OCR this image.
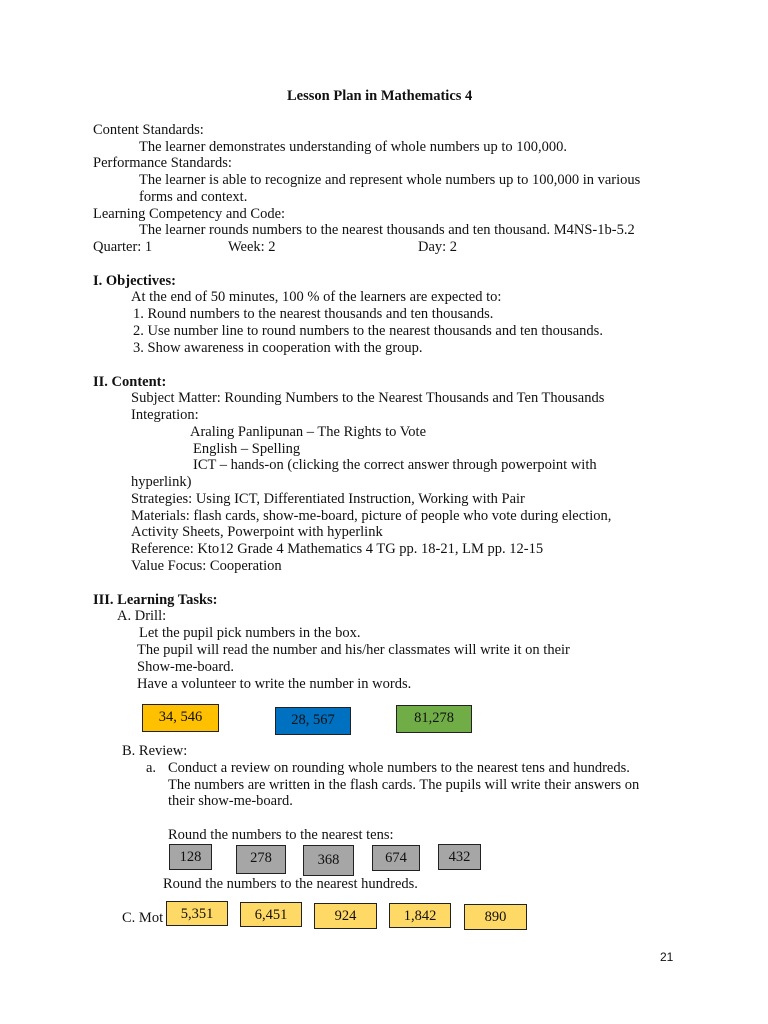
Lesson Plan in Mathematics 4
Content Standards:
The learner demonstrates understanding of whole numbers up to 100,000.
Performance Standards:
The learner is able to recognize and represent whole numbers up to 100,000 in various
forms and context.
Learning Competency and Code:
The learner rounds numbers to the nearest thousands and ten thousand. M4NS-1b-5.2
Quarter: 1	Week: 2	Day: 2
I. Objectives:
At the end of 50 minutes, 100 % of the learners are expected to:
1. Round numbers to the nearest thousands and ten thousands.
2. Use number line to round numbers to the nearest thousands and ten thousands.
3. Show awareness in cooperation with the group.
II. Content:
Subject Matter: Rounding Numbers to the Nearest Thousands and Ten Thousands
Integration:
Araling Panlipunan – The Rights to Vote
English – Spelling
ICT – hands-on (clicking the correct answer through powerpoint with
hyperlink)
Strategies: Using ICT, Differentiated Instruction, Working with Pair
Materials: flash cards, show-me-board, picture of people who vote during election,
Activity Sheets, Powerpoint with hyperlink
Reference: Kto12 Grade 4 Mathematics 4 TG pp. 18-21, LM pp. 12-15
Value Focus: Cooperation
III. Learning Tasks:
A. Drill:
Let the pupil pick numbers in the box.
The pupil will read the number and his/her classmates will write it on their
Show-me-board.
Have a volunteer to write the number in words.
34, 546	28, 567	81,278
B. Review:
a. Conduct a review on rounding whole numbers to the nearest tens and hundreds.
The numbers are written in the flash cards. The pupils will write their answers on
their show-me-board.
Round the numbers to the nearest tens:
128	278	368	674	432
Round the numbers to the nearest hundreds.
C. Mot	5,351	6,451	924	1,842	890
21
